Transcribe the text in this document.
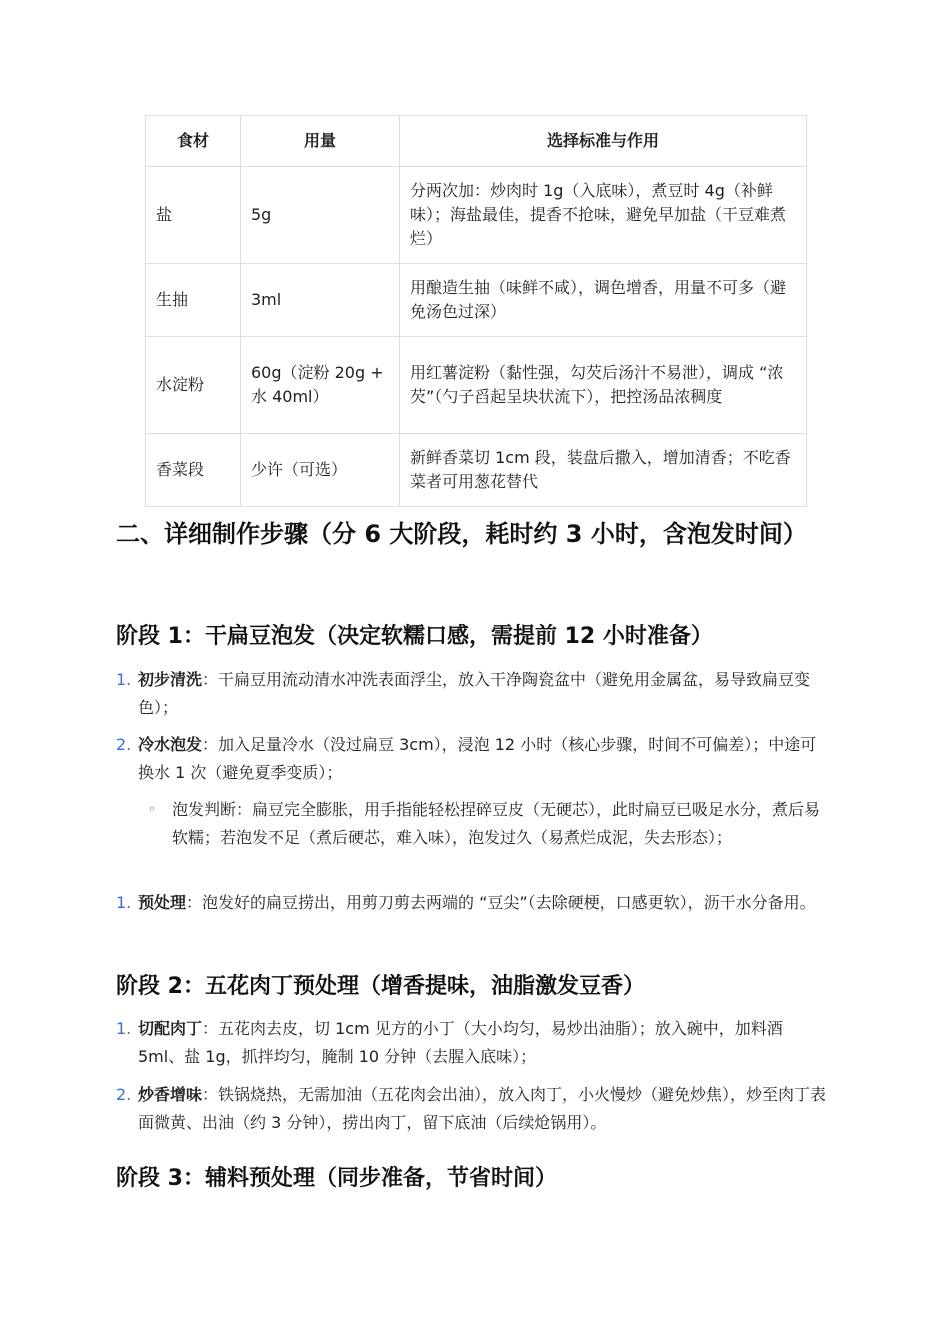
食材	用量	选择标准与作用
盐	5g	分两次加：炒肉时 1g（入底味），煮豆时 4g（补鲜味）；海盐最佳，提香不抢味，避免早加盐（干豆难煮烂）
生抽	3ml	用酿造生抽（味鲜不咸），调色增香，用量不可多（避免汤色过深）
水淀粉	60g（淀粉 20g + 水 40ml）	用红薯淀粉（黏性强，勾芡后汤汁不易泄），调成 “浓芡”（勺子舀起呈块状流下），把控汤品浓稠度
香菜段	少许（可选）	新鲜香菜切 1cm 段，装盘后撒入，增加清香；不吃香菜者可用葱花替代
二、详细制作步骤（分 6 大阶段，耗时约 3 小时，含泡发时间）
阶段 1：干扁豆泡发（决定软糯口感，需提前 12 小时准备）
1. 初步清洗：干扁豆用流动清水冲洗表面浮尘，放入干净陶瓷盆中（避免用金属盆，易导致扁豆变色）；
2. 冷水泡发：加入足量冷水（没过扁豆 3cm），浸泡 12 小时（核心步骤，时间不可偏差）；中途可换水 1 次（避免夏季变质）；
◦ 泡发判断：扁豆完全膨胀，用手指能轻松捏碎豆皮（无硬芯），此时扁豆已吸足水分，煮后易软糯；若泡发不足（煮后硬芯，难入味），泡发过久（易煮烂成泥，失去形态）；
1. 预处理：泡发好的扁豆捞出，用剪刀剪去两端的 “豆尖”（去除硬梗，口感更软），沥干水分备用。
阶段 2：五花肉丁预处理（增香提味，油脂激发豆香）
1. 切配肉丁：五花肉去皮，切 1cm 见方的小丁（大小均匀，易炒出油脂）；放入碗中，加料酒 5ml、盐 1g，抓拌均匀，腌制 10 分钟（去腥入底味）；
2. 炒香增味：铁锅烧热，无需加油（五花肉会出油），放入肉丁，小火慢炒（避免炒焦），炒至肉丁表面微黄、出油（约 3 分钟），捞出肉丁，留下底油（后续炝锅用）。
阶段 3：辅料预处理（同步准备，节省时间）
